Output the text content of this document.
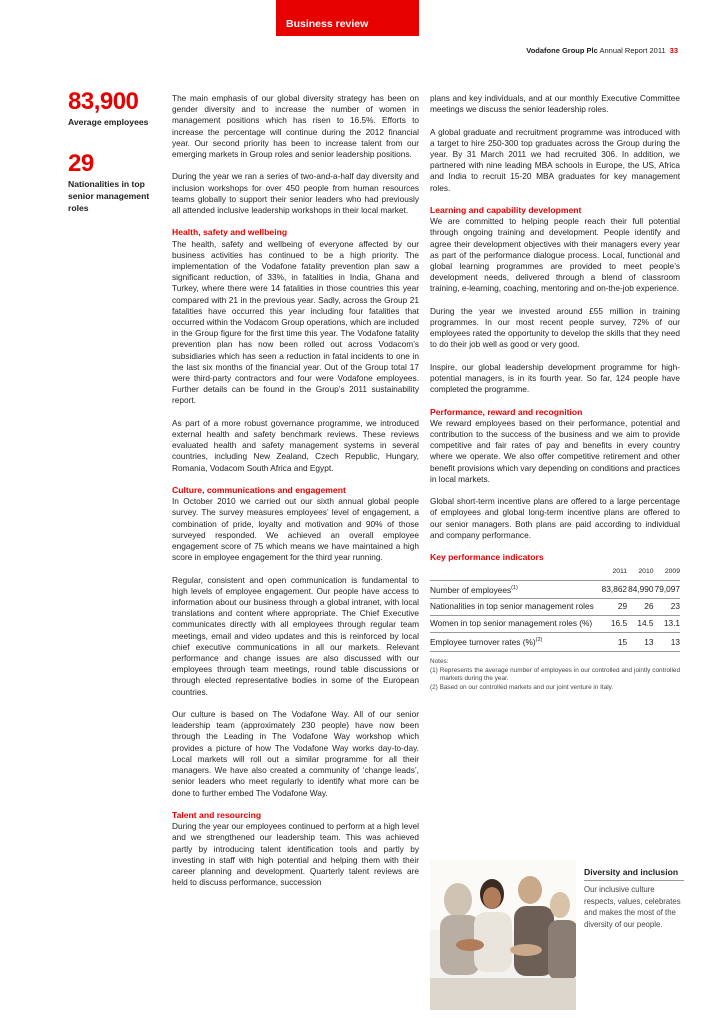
Business review
Vodafone Group Plc Annual Report 2011 33
83,900
Average employees
29
Nationalities in top senior management roles

The main emphasis of our global diversity strategy has been on gender diversity and to increase the number of women in management positions which has risen to 16.5%. Efforts to increase the percentage will continue during the 2012 financial year. Our second priority has been to increase talent from our emerging markets in Group roles and senior leadership positions.

During the year we ran a series of two-and-a-half day diversity and inclusion workshops for over 450 people from human resources teams globally to support their senior leaders who had previously all attended inclusive leadership workshops in their local market.

Health, safety and wellbeing

The health, safety and wellbeing of everyone affected by our business activities has continued to be a high priority. The implementation of the Vodafone fatality prevention plan saw a significant reduction, of 33%, in fatalities in India, Ghana and Turkey, where there were 14 fatalities in those countries this year compared with 21 in the previous year. Sadly, across the Group 21 fatalities have occurred this year including four fatalities that occurred within the Vodacom Group operations, which are included in the Group figure for the first time this year. The Vodafone fatality prevention plan has now been rolled out across Vodacom’s subsidiaries which has seen a reduction in fatal incidents to one in the last six months of the financial year. Out of the Group total 17 were third-party contractors and four were Vodafone employees. Further details can be found in the Group’s 2011 sustainability report.

As part of a more robust governance programme, we introduced external health and safety benchmark reviews. These reviews evaluated health and safety management systems in several countries, including New Zealand, Czech Republic, Hungary, Romania, Vodacom South Africa and Egypt.

Culture, communications and engagement

In October 2010 we carried out our sixth annual global people survey. The survey measures employees’ level of engagement, a combination of pride, loyalty and motivation and 90% of those surveyed responded. We achieved an overall employee engagement score of 75 which means we have maintained a high score in employee engagement for the third year running.

Regular, consistent and open communication is fundamental to high levels of employee engagement. Our people have access to information about our business through a global intranet, with local translations and content where appropriate. The Chief Executive communicates directly with all employees through regular team meetings, email and video updates and this is reinforced by local chief executive communications in all our markets. Relevant performance and change issues are also discussed with our employees through team meetings, round table discussions or through elected representative bodies in some of the European countries.

Our culture is based on The Vodafone Way. All of our senior leadership team (approximately 230 people) have now been through the Leading in The Vodafone Way workshop which provides a picture of how The Vodafone Way works day-to-day. Local markets will roll out a similar programme for all their managers. We have also created a community of ‘change leads’, senior leaders who meet regularly to identify what more can be done to further embed The Vodafone Way.

Talent and resourcing

During the year our employees continued to perform at a high level and we strengthened our leadership team. This was achieved partly by introducing talent identification tools and partly by investing in staff with high potential and helping them with their career planning and development. Quarterly talent reviews are held to discuss performance, succession

plans and key individuals, and at our monthly Executive Committee meetings we discuss the senior leadership roles.

A global graduate and recruitment programme was introduced with a target to hire 250-300 top graduates across the Group during the year. By 31 March 2011 we had recruited 306. In addition, we partnered with nine leading MBA schools in Europe, the US, Africa and India to recruit 15-20 MBA graduates for key management roles.

Learning and capability development

We are committed to helping people reach their full potential through ongoing training and development. People identify and agree their development objectives with their managers every year as part of the performance dialogue process. Local, functional and global learning programmes are provided to meet people’s development needs, delivered through a blend of classroom training, e-learning, coaching, mentoring and on-the-job experience.

During the year we invested around £55 million in training programmes. In our most recent people survey, 72% of our employees rated the opportunity to develop the skills that they need to do their job well as good or very good.

Inspire, our global leadership development programme for high-potential managers, is in its fourth year. So far, 124 people have completed the programme.

Performance, reward and recognition

We reward employees based on their performance, potential and contribution to the success of the business and we aim to provide competitive and fair rates of pay and benefits in every country where we operate. We also offer competitive retirement and other benefit provisions which vary depending on conditions and practices in local markets.

Global short-term incentive plans are offered to a large percentage of employees and global long-term incentive plans are offered to our senior managers. Both plans are paid according to individual and company performance.

Key performance indicators
	2011	2010	2009
Number of employees$^{(1)}$	83,862	84,990	79,097
Nationalities in top senior management roles	29	26	23
Women in top senior management roles (%)	16.5	14.5	13.1
Employee turnover rates (%)$^{(2)}$	15	13	13
Notes:
(1) Represents the average number of employees in our controlled and jointly controlled markets during the year.
(2) Based on our controlled markets and our joint venture in Italy.
Diversity and inclusion
Our inclusive culture respects, values, celebrates and makes the most of the diversity of our people.
